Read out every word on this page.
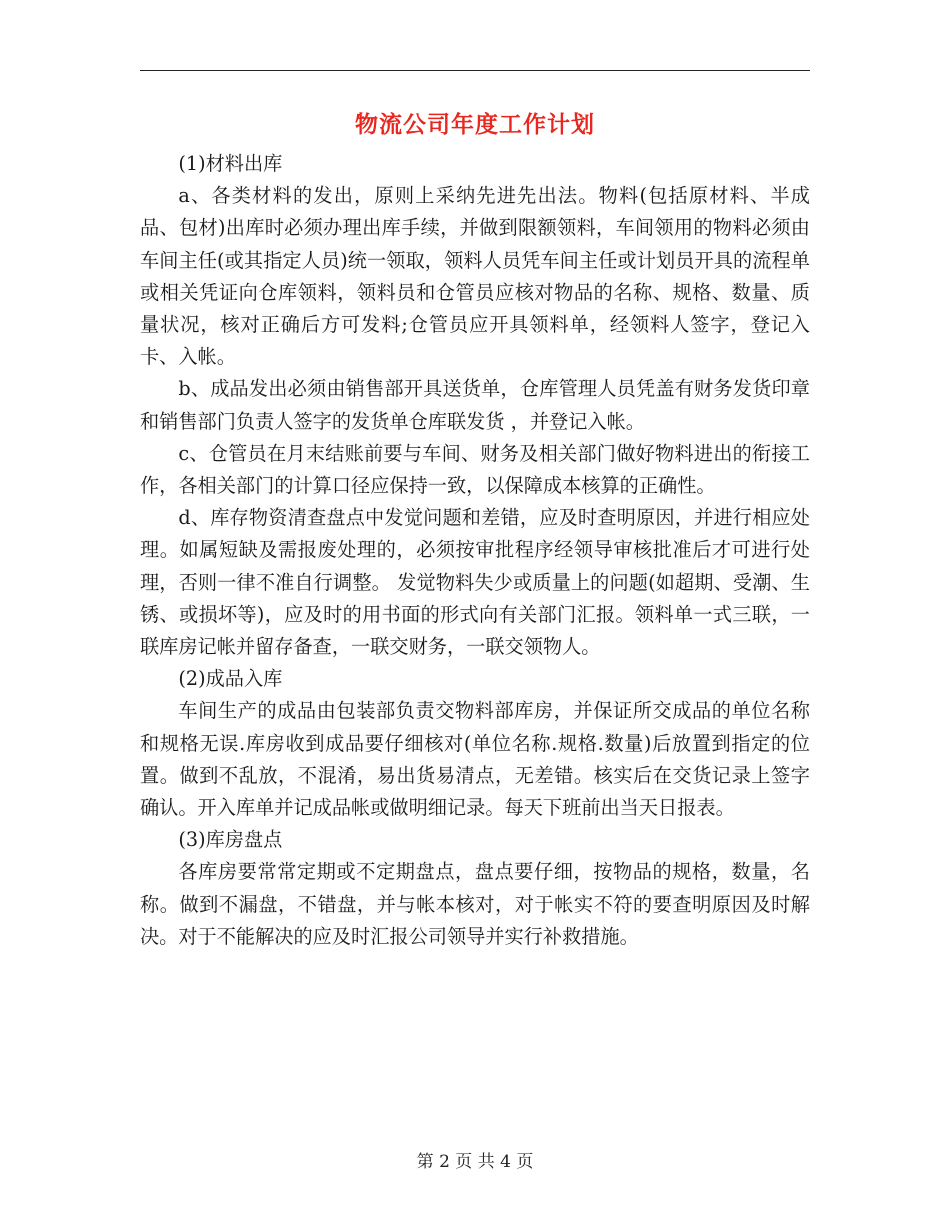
物流公司年度工作计划

(1)材料出库

a、各类材料的发出，原则上采纳先进先出法。物料(包括原材料、半成品、包材)出库时必须办理出库手续，并做到限额领料，车间领用的物料必须由车间主任(或其指定人员)统一领取，领料人员凭车间主任或计划员开具的流程单或相关凭证向仓库领料，领料员和仓管员应核对物品的名称、规格、数量、质量状况，核对正确后方可发料;仓管员应开具领料单，经领料人签字，登记入卡、入帐。

b、成品发出必须由销售部开具送货单，仓库管理人员凭盖有财务发货印章和销售部门负责人签字的发货单仓库联发货 ，并登记入帐。

c、仓管员在月末结账前要与车间、财务及相关部门做好物料进出的衔接工作，各相关部门的计算口径应保持一致，以保障成本核算的正确性。

d、库存物资清查盘点中发觉问题和差错，应及时查明原因，并进行相应处理。如属短缺及需报废处理的，必须按审批程序经领导审核批准后才可进行处理，否则一律不准自行调整。 发觉物料失少或质量上的问题(如超期、受潮、生锈、或损坏等)，应及时的用书面的形式向有关部门汇报。领料单一式三联，一联库房记帐并留存备查，一联交财务，一联交领物人。

(2)成品入库

车间生产的成品由包装部负责交物料部库房，并保证所交成品的单位名称和规格无误.库房收到成品要仔细核对(单位名称.规格.数量)后放置到指定的位置。做到不乱放，不混淆，易出货易清点，无差错。核实后在交货记录上签字确认。开入库单并记成品帐或做明细记录。每天下班前出当天日报表。

(3)库房盘点

各库房要常常定期或不定期盘点，盘点要仔细，按物品的规格，数量，名称。做到不漏盘，不错盘，并与帐本核对，对于帐实不符的要查明原因及时解决。对于不能解决的应及时汇报公司领导并实行补救措施。

第 2 页 共 4 页
